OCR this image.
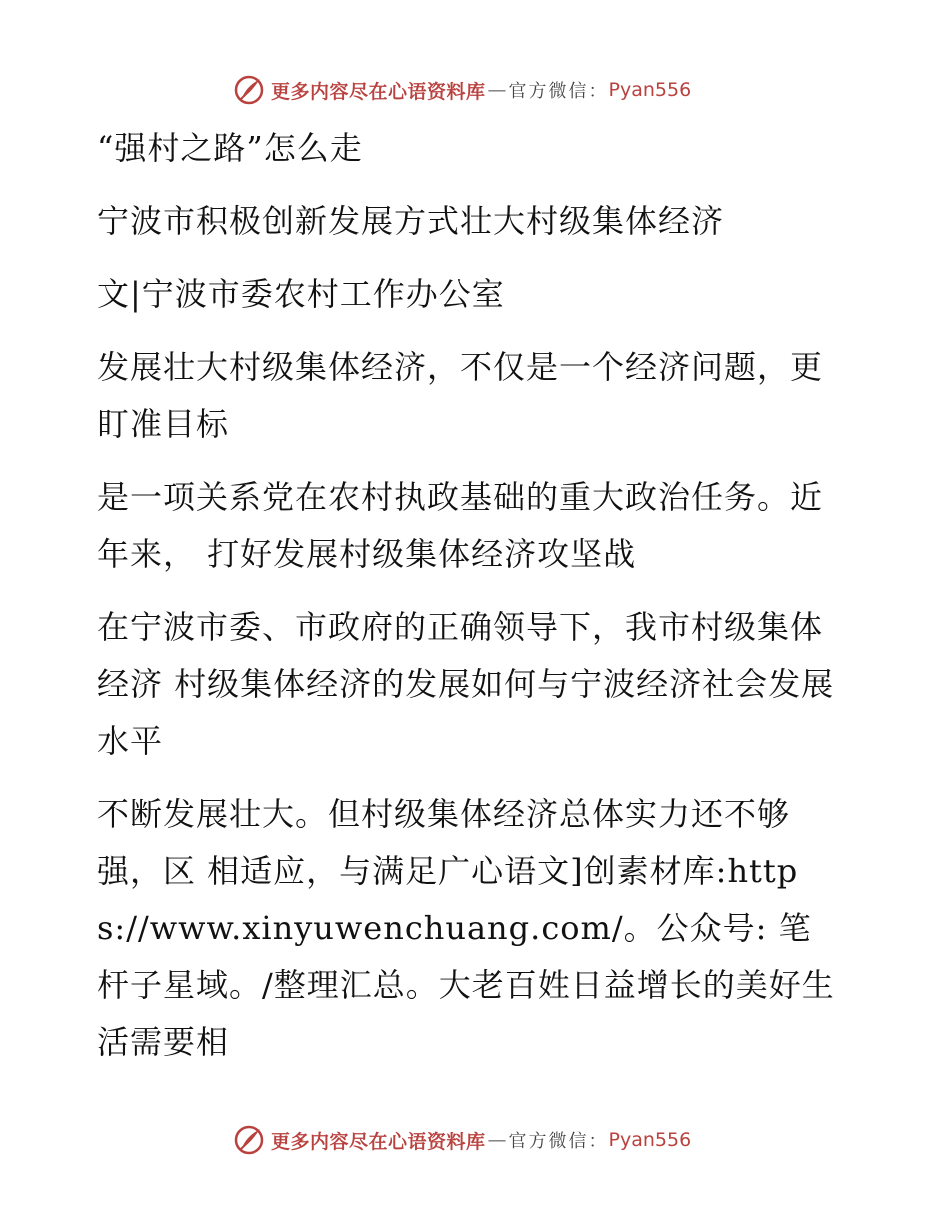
更多内容尽在心语资料库 — 官方微信： Pyan556

“强村之路”怎么走

宁波市积极创新发展方式壮大村级集体经济

文|宁波市委农村工作办公室

发展壮大村级集体经济，不仅是一个经济问题，更 盯准目标

是一项关系党在农村执政基础的重大政治任务。近年来， 打好发展村级集体经济攻坚战

在宁波市委、市政府的正确领导下，我市村级集体经济 村级集体经济的发展如何与宁波经济社会发展水平

不断发展壮大。但村级集体经济总体实力还不够强，区 相适应，与满足广心语文]创素材库:https://www.xinyuwenchuang.com/。公众号: 笔杆子星域。/整理汇总。大老百姓日益增长的美好生活需要相

更多内容尽在心语资料库 — 官方微信： Pyan556
